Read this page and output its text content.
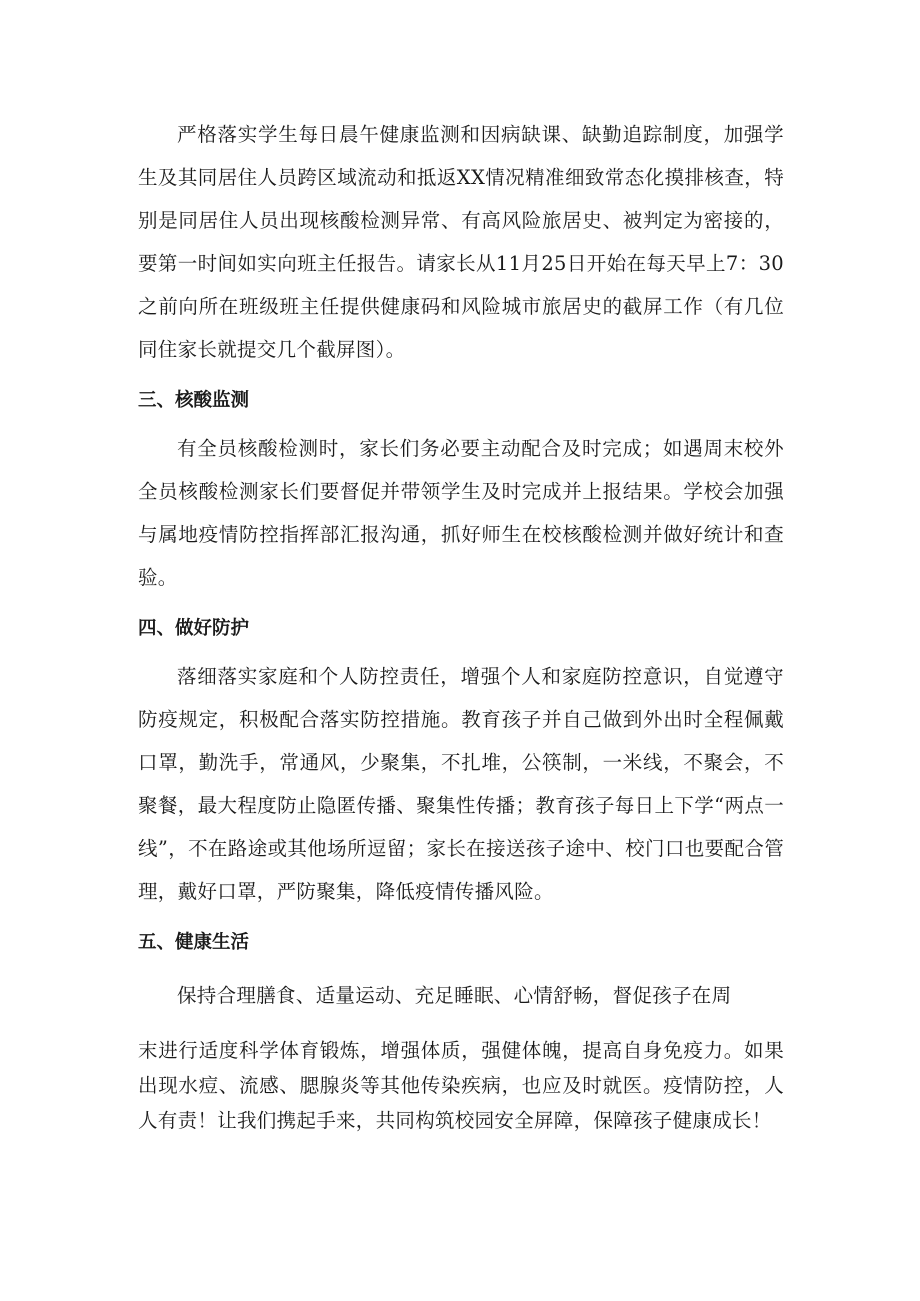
严格落实学生每日晨午健康监测和因病缺课、缺勤追踪制度，加强学生及其同居住人员跨区域流动和抵返XX情况精准细致常态化摸排核查，特别是同居住人员出现核酸检测异常、有高风险旅居史、被判定为密接的，要第一时间如实向班主任报告。请家长从11月25日开始在每天早上7：30之前向所在班级班主任提供健康码和风险城市旅居史的截屏工作（有几位同住家长就提交几个截屏图）。

三、核酸监测

有全员核酸检测时，家长们务必要主动配合及时完成；如遇周末校外全员核酸检测家长们要督促并带领学生及时完成并上报结果。学校会加强与属地疫情防控指挥部汇报沟通，抓好师生在校核酸检测并做好统计和查验。

四、做好防护

落细落实家庭和个人防控责任，增强个人和家庭防控意识，自觉遵守防疫规定，积极配合落实防控措施。教育孩子并自己做到外出时全程佩戴口罩，勤洗手，常通风，少聚集，不扎堆，公筷制，一米线，不聚会，不聚餐，最大程度防止隐匿传播、聚集性传播；教育孩子每日上下学“两点一线”，不在路途或其他场所逗留；家长在接送孩子途中、校门口也要配合管理，戴好口罩，严防聚集，降低疫情传播风险。

五、健康生活

保持合理膳食、适量运动、充足睡眠、心情舒畅，督促孩子在周

末进行适度科学体育锻炼，增强体质，强健体魄，提高自身免疫力。如果出现水痘、流感、腮腺炎等其他传染疾病，也应及时就医。疫情防控，人人有责！让我们携起手来，共同构筑校园安全屏障，保障孩子健康成长！
